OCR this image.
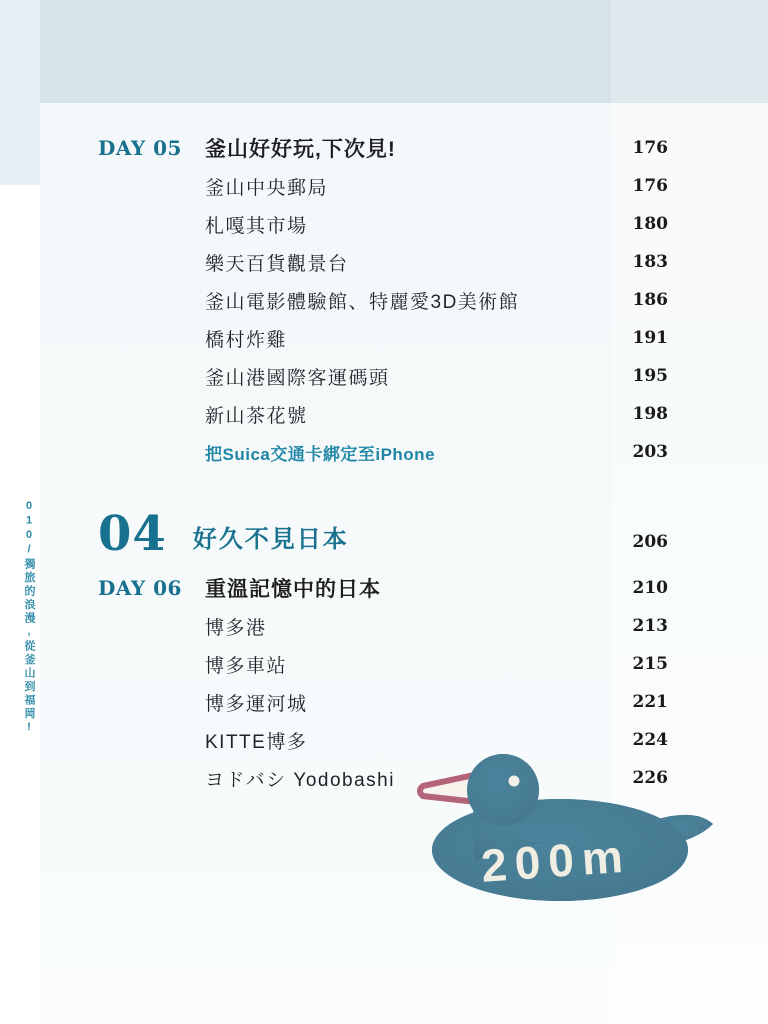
010/獨旅的浪漫,從釜山到福岡!
DAY 05	釜山好好玩,下次見!	176
釜山中央郵局	176
札嘎其市場	180
樂天百貨觀景台	183
釜山電影體驗館、特麗愛3D美術館	186
橋村炸雞	191
釜山港國際客運碼頭	195
新山茶花號	198
把Suica交通卡綁定至iPhone	203
04	好久不見日本	206
DAY 06	重溫記憶中的日本	210
博多港	213
博多車站	215
博多運河城	221
KITTE博多	224
ヨドバシ Yodobashi	226
200m
